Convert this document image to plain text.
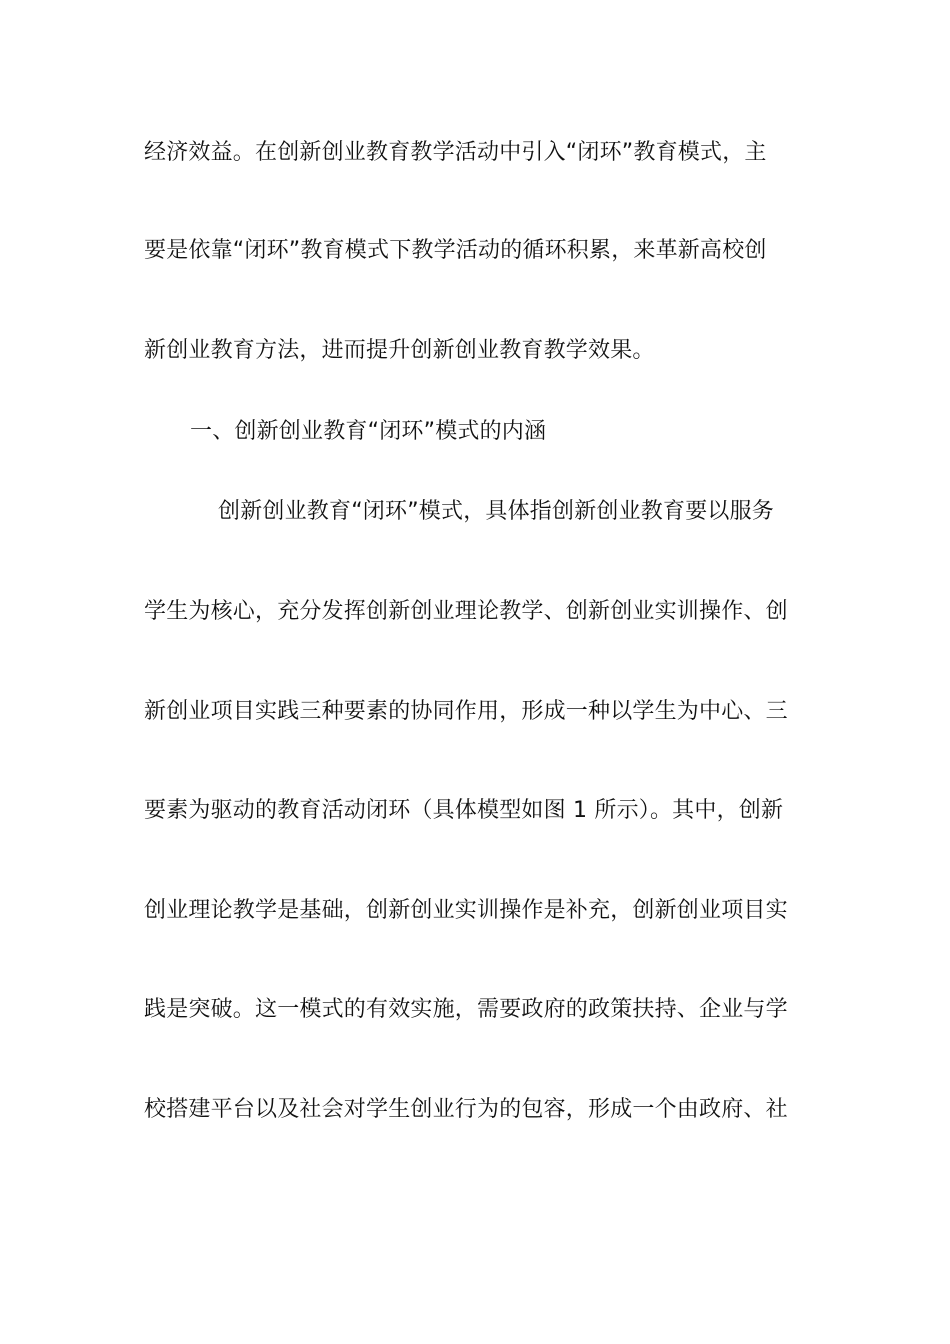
经济效益。在创新创业教育教学活动中引入“闭环”教育模式，主
要是依靠“闭环”教育模式下教学活动的循环积累，来革新高校创
新创业教育方法，进而提升创新创业教育教学效果。
一、创新创业教育“闭环”模式的内涵
创新创业教育“闭环”模式，具体指创新创业教育要以服务
学生为核心，充分发挥创新创业理论教学、创新创业实训操作、创
新创业项目实践三种要素的协同作用，形成一种以学生为中心、三
要素为驱动的教育活动闭环（具体模型如图 1 所示）。其中，创新
创业理论教学是基础，创新创业实训操作是补充，创新创业项目实
践是突破。这一模式的有效实施，需要政府的政策扶持、企业与学
校搭建平台以及社会对学生创业行为的包容，形成一个由政府、社
